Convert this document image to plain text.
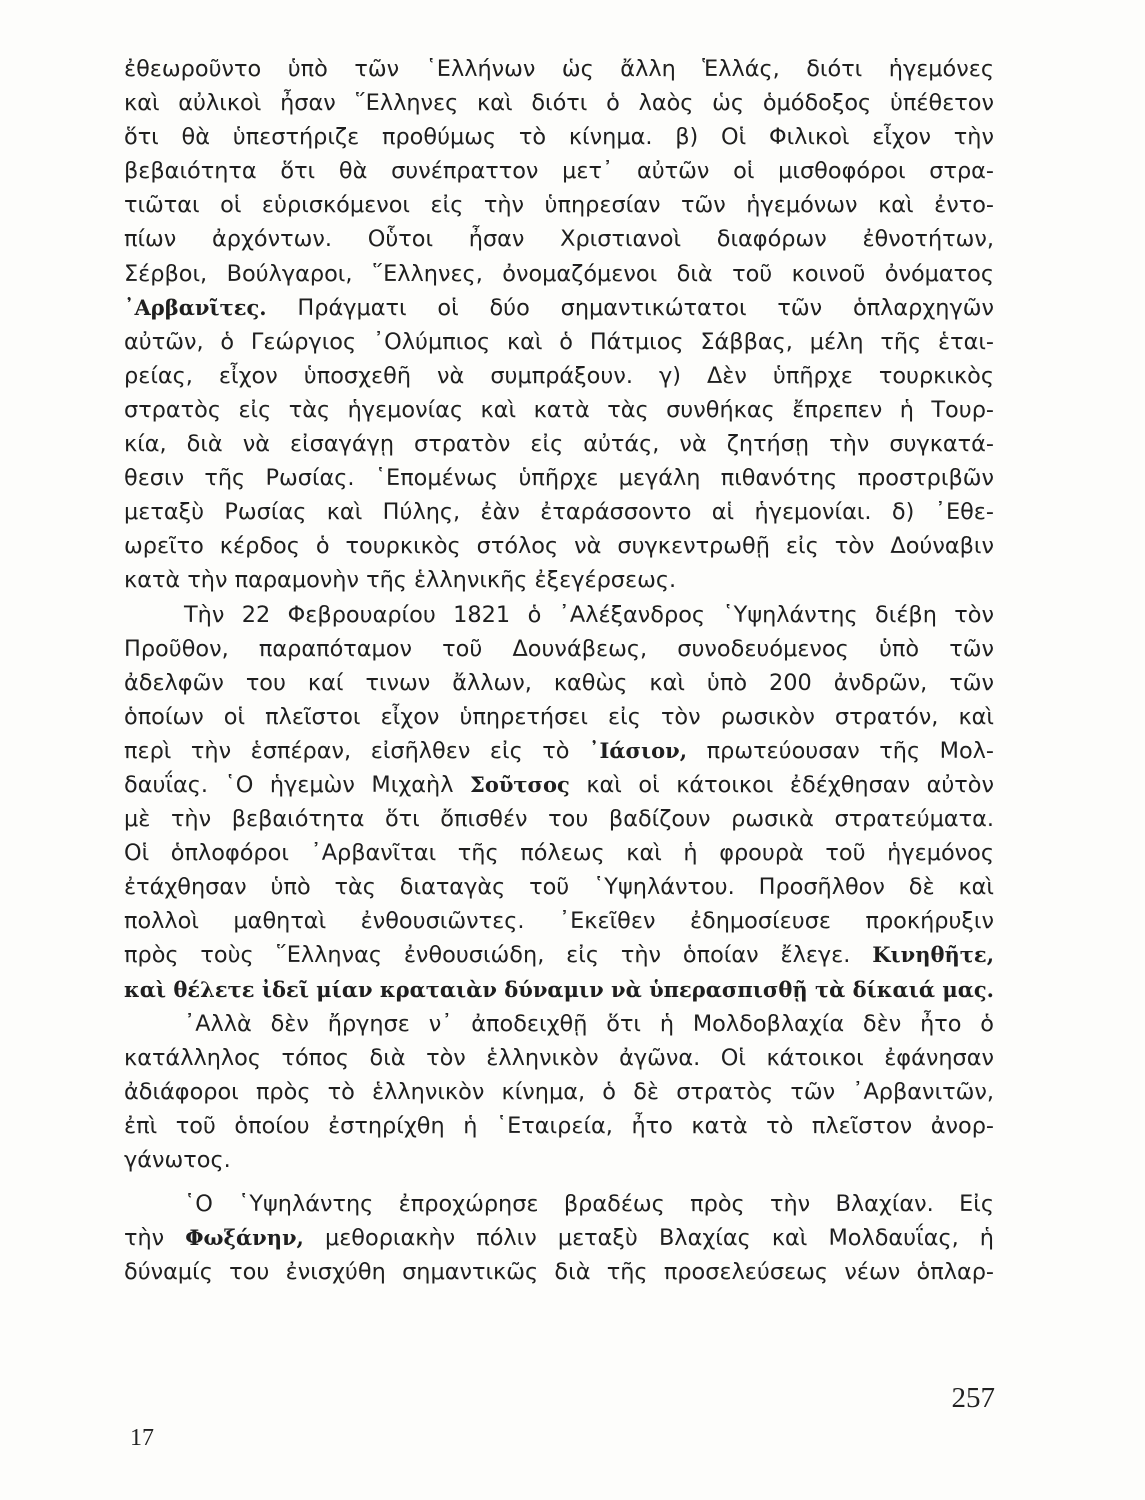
ἐθεωροῦντο ὑπὸ τῶν ῾Ελλήνων ὡς ἄλλη Ἑλλάς, διότι ἡγεμόνες
καὶ αὐλικοὶ ἦσαν ῞Ελληνες καὶ διότι ὁ λαὸς ὡς ὁμόδοξος ὑπέθετον
ὅτι θὰ ὑπεστήριζε προθύμως τὸ κίνημα. β) Οἱ Φιλικοὶ εἶχον τὴν
βεβαιότητα ὅτι θὰ συνέπραττον μετ᾽ αὐτῶν οἱ μισθοφόροι στρα-
τιῶται οἱ εὑρισκόμενοι εἰς τὴν ὑπηρεσίαν τῶν ἡγεμόνων καὶ ἐντο-
πίων ἀρχόντων. Οὗτοι ἦσαν Χριστιανοὶ διαφόρων ἐθνοτήτων,
Σέρβοι, Βούλγαροι, ῞Ελληνες, ὀνομαζόμενοι διὰ τοῦ κοινοῦ ὀνόματος
᾽Αρβανῖτες. Πράγματι οἱ δύο σημαντικώτατοι τῶν ὁπλαρχηγῶν
αὐτῶν, ὁ Γεώργιος ᾽Ολύμπιος καὶ ὁ Πάτμιος Σάββας, μέλη τῆς ἑται-
ρείας, εἶχον ὑποσχεθῆ νὰ συμπράξουν. γ) Δὲν ὑπῆρχε τουρκικὸς
στρατὸς εἰς τὰς ἡγεμονίας καὶ κατὰ τὰς συνθήκας ἔπρεπεν ἡ Τουρ-
κία, διὰ νὰ εἰσαγάγῃ στρατὸν εἰς αὐτάς, νὰ ζητήσῃ τὴν συγκατά-
θεσιν τῆς Ρωσίας. ῾Επομένως ὑπῆρχε μεγάλη πιθανότης προστριβῶν
μεταξὺ Ρωσίας καὶ Πύλης, ἐὰν ἐταράσσοντο αἱ ἡγεμονίαι. δ) ᾽Εθε-
ωρεῖτο κέρδος ὁ τουρκικὸς στόλος νὰ συγκεντρωθῇ εἰς τὸν Δούναβιν
κατὰ τὴν παραμονὴν τῆς ἑλληνικῆς ἐξεγέρσεως.
Τὴν 22 Φεβρουαρίου 1821 ὁ ᾽Αλέξανδρος ῾Υψηλάντης διέβη τὸν
Προῦθον, παραπόταμον τοῦ Δουνάβεως, συνοδευόμενος ὑπὸ τῶν
ἀδελφῶν του καί τινων ἄλλων, καθὼς καὶ ὑπὸ 200 ἀνδρῶν, τῶν
ὁποίων οἱ πλεῖστοι εἶχον ὑπηρετήσει εἰς τὸν ρωσικὸν στρατόν, καὶ
περὶ τὴν ἑσπέραν, εἰσῆλθεν εἰς τὸ ᾽Ιάσιον, πρωτεύουσαν τῆς Μολ-
δαυΐας. ῾Ο ἡγεμὼν Μιχαὴλ Σοῦτσος καὶ οἱ κάτοικοι ἐδέχθησαν αὐτὸν
μὲ τὴν βεβαιότητα ὅτι ὄπισθέν του βαδίζουν ρωσικὰ στρατεύματα.
Οἱ ὁπλοφόροι ᾽Αρβανῖται τῆς πόλεως καὶ ἡ φρουρὰ τοῦ ἡγεμόνος
ἐτάχθησαν ὑπὸ τὰς διαταγὰς τοῦ ῾Υψηλάντου. Προσῆλθον δὲ καὶ
πολλοὶ μαθηταὶ ἐνθουσιῶντες. ᾽Εκεῖθεν ἐδημοσίευσε προκήρυξιν
πρὸς τοὺς ῞Ελληνας ἐνθουσιώδη, εἰς τὴν ὁποίαν ἔλεγε. Κινηθῆτε,
καὶ θέλετε ἰδεῖ μίαν κραταιὰν δύναμιν νὰ ὑπερασπισθῇ τὰ δίκαιά μας.
᾽Αλλὰ δὲν ἤργησε ν᾽ ἀποδειχθῇ ὅτι ἡ Μολδοβλαχία δὲν ἦτο ὁ
κατάλληλος τόπος διὰ τὸν ἑλληνικὸν ἀγῶνα. Οἱ κάτοικοι ἐφάνησαν
ἀδιάφοροι πρὸς τὸ ἑλληνικὸν κίνημα, ὁ δὲ στρατὸς τῶν ᾽Αρβανιτῶν,
ἐπὶ τοῦ ὁποίου ἐστηρίχθη ἡ ῾Εταιρεία, ἦτο κατὰ τὸ πλεῖστον ἀνορ-
γάνωτος.
῾Ο ῾Υψηλάντης ἐπροχώρησε βραδέως πρὸς τὴν Βλαχίαν. Εἰς
τὴν Φωξάνην, μεθοριακὴν πόλιν μεταξὺ Βλαχίας καὶ Μολδαυΐας, ἡ
δύναμίς του ἐνισχύθη σημαντικῶς διὰ τῆς προσελεύσεως νέων ὁπλαρ-
257
17
